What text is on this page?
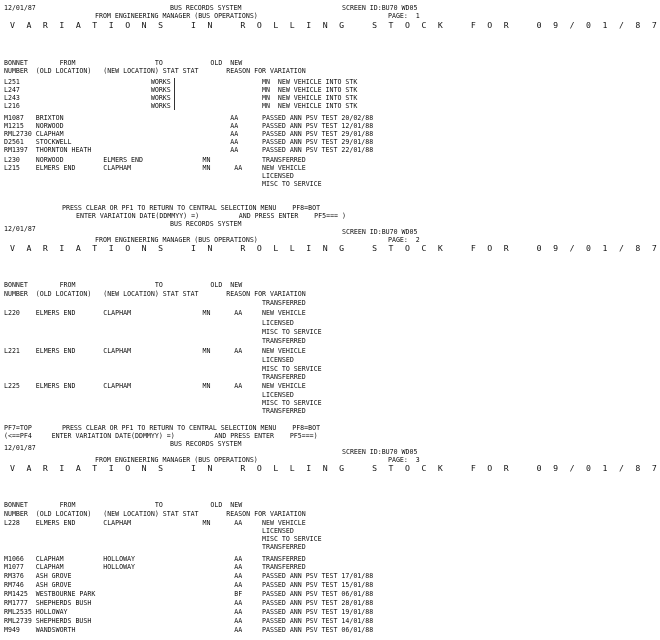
12/01/87	BUS RECORDS SYSTEM	SCREEN ID:BU70 WD05
FROM ENGINEERING MANAGER (BUS OPERATIONS)	PAGE:  1
V A R I A T I O N S   I N   R O L L I N G   S T O C K   F O R   0 9 / 0 1 / 8 7
BONNET        FROM                    TO            OLD  NEW
NUMBER  (OLD LOCATION)   (NEW LOCATION) STAT STAT       REASON FOR VARIATION
L251                                 WORKS                       MN  NEW VEHICLE INTO STK
L247                                 WORKS                       MN  NEW VEHICLE INTO STK
L243                                 WORKS                       MN  NEW VEHICLE INTO STK
L216                                 WORKS                       MN  NEW VEHICLE INTO STK
M1087   BRIXTON                                          AA      PASSED ANN PSV TEST 20/02/88
M1215   NORWOOD                                          AA      PASSED ANN PSV TEST 12/01/88
RML2730 CLAPHAM                                          AA      PASSED ANN PSV TEST 29/01/88
D2561   STOCKWELL                                        AA      PASSED ANN PSV TEST 29/01/88
RM1397  THORNTON HEATH                                   AA      PASSED ANN PSV TEST 22/01/88
L230    NORWOOD          ELMERS END               MN             TRANSFERRED
L215    ELMERS END       CLAPHAM                  MN      AA     NEW VEHICLE
LICENSED
MISC TO SERVICE
PRESS CLEAR OR PF1 TO RETURN TO CENTRAL SELECTION MENU    PF8=BOT
ENTER VARIATION DATE(DDMMYY) =)          AND PRESS ENTER    PF5=== )
12/01/87
BUS RECORDS SYSTEM
SCREEN ID:BU70 WD05
FROM ENGINEERING MANAGER (BUS OPERATIONS)	PAGE:  2
V A R I A T I O N S   I N   R O L L I N G   S T O C K   F O R   0 9 / 0 1 / 8 7
BONNET        FROM                    TO            OLD  NEW
NUMBER  (OLD LOCATION)   (NEW LOCATION) STAT STAT       REASON FOR VARIATION
TRANSFERRED
L220    ELMERS END       CLAPHAM                  MN      AA     NEW VEHICLE
LICENSED
MISC TO SERVICE
TRANSFERRED
L221    ELMERS END       CLAPHAM                  MN      AA     NEW VEHICLE
LICENSED
MISC TO SERVICE
TRANSFERRED
L225    ELMERS END       CLAPHAM                  MN      AA     NEW VEHICLE
LICENSED
MISC TO SERVICE
TRANSFERRED
PF7=TOP	PRESS CLEAR OR PF1 TO RETURN TO CENTRAL SELECTION MENU    PF8=BOT
(<==PF4     ENTER VARIATION DATE(DDMMYY) =)          AND PRESS ENTER    PF5===)
12/01/87	BUS RECORDS SYSTEM
SCREEN ID:BU70 WD05
FROM ENGINEERING MANAGER (BUS OPERATIONS)	PAGE:  3
V A R I A T I O N S   I N   R O L L I N G   S T O C K   F O R   0 9 / 0 1 / 8 7
BONNET        FROM                    TO            OLD  NEW
NUMBER  (OLD LOCATION)   (NEW LOCATION) STAT STAT       REASON FOR VARIATION
L228    ELMERS END       CLAPHAM                  MN      AA     NEW VEHICLE
LICENSED
MISC TO SERVICE
TRANSFERRED
M1066   CLAPHAM          HOLLOWAY                         AA     TRANSFERRED
M1077   CLAPHAM          HOLLOWAY                         AA     TRANSFERRED
RM376   ASH GROVE                                         AA     PASSED ANN PSV TEST 17/01/88
RM746   ASH GROVE                                         AA     PASSED ANN PSV TEST 15/01/88
RM1425  WESTBOURNE PARK                                   BF     PASSED ANN PSV TEST 06/01/88
RM1777  SHEPHERDS BUSH                                    AA     PASSED ANN PSV TEST 28/01/88
RML2535 HOLLOWAY                                          AA     PASSED ANN PSV TEST 19/01/88
RML2739 SHEPHERDS BUSH                                    AA     PASSED ANN PSV TEST 14/01/88
M949    WANDSWORTH                                        AA     PASSED ANN PSV TEST 06/01/88
